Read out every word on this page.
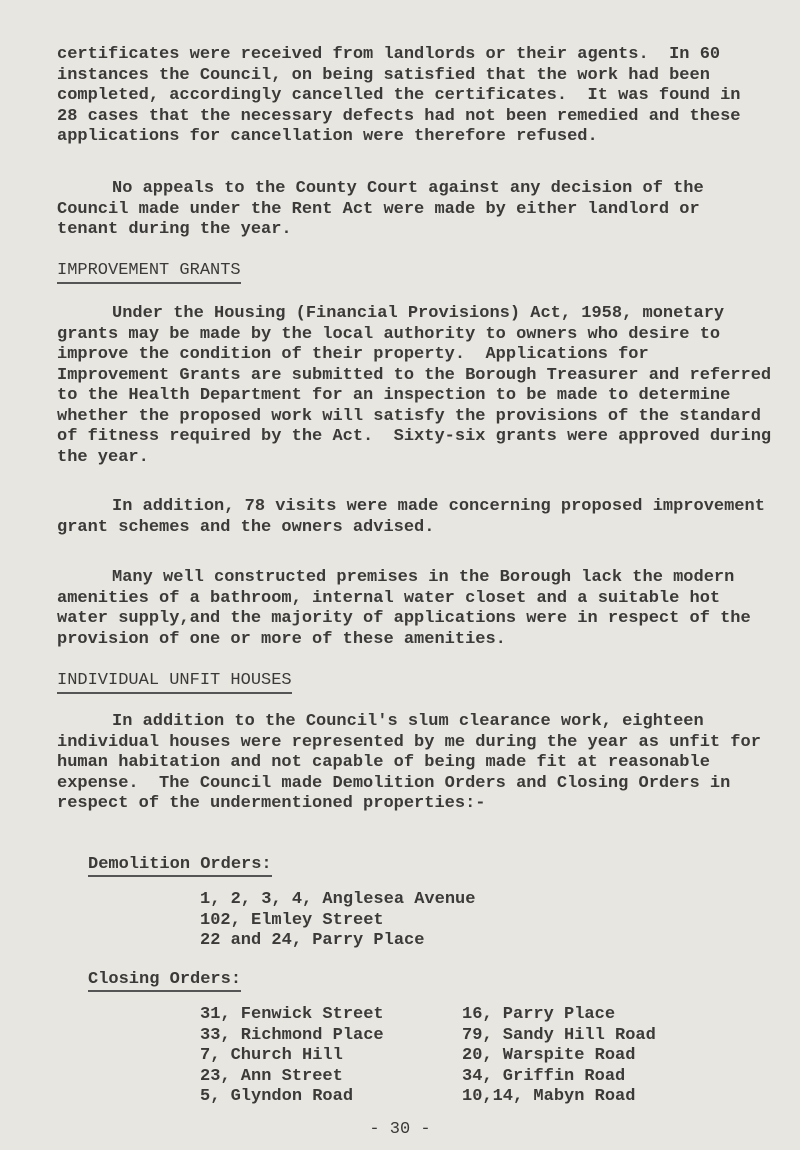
certificates were received from landlords or their agents.  In 60
instances the Council, on being satisfied that the work had been
completed, accordingly cancelled the certificates.  It was found in
28 cases that the necessary defects had not been remedied and these
applications for cancellation were therefore refused.
No appeals to the County Court against any decision of the
Council made under the Rent Act were made by either landlord or
tenant during the year.
IMPROVEMENT GRANTS
Under the Housing (Financial Provisions) Act, 1958, monetary
grants may be made by the local authority to owners who desire to
improve the condition of their property.  Applications for
Improvement Grants are submitted to the Borough Treasurer and referred
to the Health Department for an inspection to be made to determine
whether the proposed work will satisfy the provisions of the standard
of fitness required by the Act.  Sixty-six grants were approved during
the year.
In addition, 78 visits were made concerning proposed improvement
grant schemes and the owners advised.
Many well constructed premises in the Borough lack the modern
amenities of a bathroom, internal water closet and a suitable hot
water supply,and the majority of applications were in respect of the
provision of one or more of these amenities.
INDIVIDUAL UNFIT HOUSES
In addition to the Council's slum clearance work, eighteen
individual houses were represented by me during the year as unfit for
human habitation and not capable of being made fit at reasonable
expense.  The Council made Demolition Orders and Closing Orders in
respect of the undermentioned properties:-
Demolition Orders:
1, 2, 3, 4, Anglesea Avenue
102, Elmley Street
22 and 24, Parry Place
Closing Orders:
31, Fenwick Street
33, Richmond Place
7, Church Hill
23, Ann Street
5, Glyndon Road
16, Parry Place
79, Sandy Hill Road
20, Warspite Road
34, Griffin Road
10,14, Mabyn Road
- 30 -
